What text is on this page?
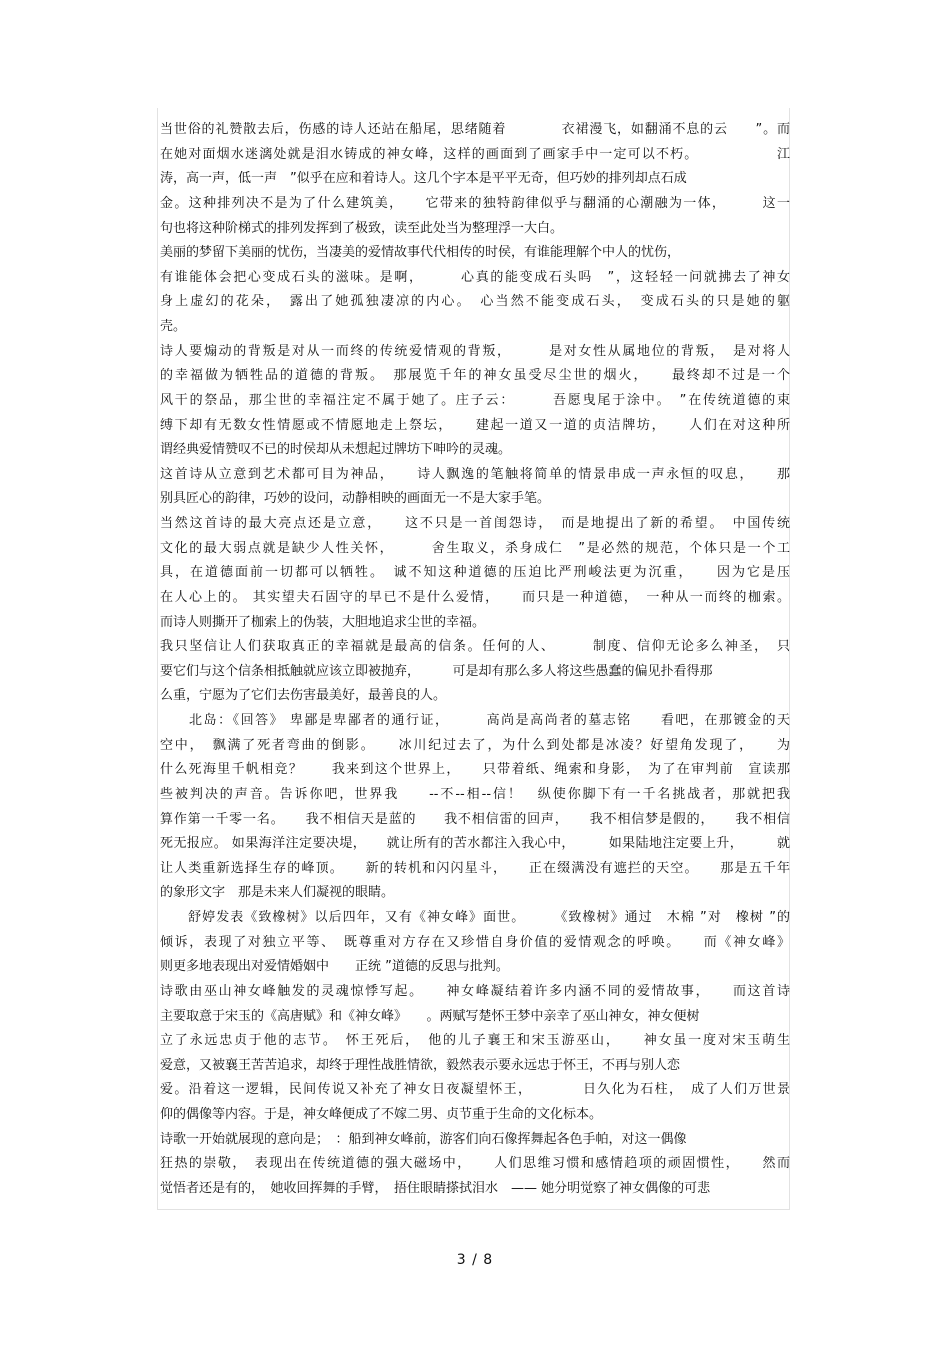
当世俗的礼赞散去后，伤感的诗人还站在船尾，思绪随着　　　　衣裙漫飞，如翻涌不息的云　　”。而
在她对面烟水迷漓处就是泪水铸成的神女峰，这样的画面到了画家手中一定可以不朽。　　　　　　江
涛，高一声，低一声　”似乎在应和着诗人。这几个字本是平平无奇，但巧妙的排列却点石成
金。这种排列决不是为了什么建筑美，　　它带来的独特韵律似乎与翻涌的心潮融为一体，　　　这一
句也将这种阶梯式的排列发挥到了极致，读至此处当为整理浮一大白。
美丽的梦留下美丽的忧伤，当凄美的爱情故事代代相传的时侯，有谁能理解个中人的忧伤，
有谁能体会把心变成石头的滋味。是啊，　　　心真的能变成石头吗　”，这轻轻一问就拂去了神女
身上虚幻的花朵，　露出了她孤独凄凉的内心。　心当然不能变成石头，　变成石头的只是她的躯
壳。
诗人要煽动的背叛是对从一而终的传统爱情观的背叛，　　　是对女性从属地位的背叛，　是对将人
的幸福做为牺牲品的道德的背叛。　那展览千年的神女虽受尽尘世的烟火，　　最终却不过是一个
风干的祭品，那尘世的幸福注定不属于她了。庄子云：　　　吾愿曳尾于涂中。　”在传统道德的束
缚下却有无数女性情愿或不情愿地走上祭坛，　　建起一道又一道的贞洁牌坊，　　人们在对这种所
谓经典爱情赞叹不已的时侯却从未想起过牌坊下呻吟的灵魂。
这首诗从立意到艺术都可目为神品，　　诗人飘逸的笔触将简单的情景串成一声永恒的叹息，　　那
别具匠心的韵律，巧妙的设问，动静相映的画面无一不是大家手笔。
当然这首诗的最大亮点还是立意，　　这不只是一首闺怨诗，　而是地提出了新的希望。　中国传统
文化的最大弱点就是缺少人性关怀，　　　舍生取义，杀身成仁　”是必然的规范，个体只是一个工
具，在道德面前一切都可以牺牲。　诚不知这种道德的压迫比严刑峻法更为沉重，　　因为它是压
在人心上的。 其实望夫石固守的早已不是什么爱情，　　而只是一种道德，　一种从一而终的枷索。
而诗人则撕开了枷索上的伪装，大胆地追求尘世的幸福。
我只坚信让人们获取真正的幸福就是最高的信条。任何的人、　　　制度、信仰无论多么神圣，　只
要它们与这个信条相抵触就应该立即被抛弃，　　　可是却有那么多人将这些愚蠢的偏见扑看得那
么重，宁愿为了它们去伤害最美好，最善良的人。
　　北岛：《回答》 卑鄙是卑鄙者的通行证，　　　高尚是高尚者的墓志铭　　看吧，在那镀金的天
空中，　飘满了死者弯曲的倒影。　　冰川纪过去了，为什么到处都是冰凌？好望角发现了，　　为
什么死海里千帆相竞？　　我来到这个世界上，　　只带着纸、绳索和身影，　为了在审判前　宣读那
些被判决的声音。告诉你吧，世界我　　--不--相--信！　纵使你脚下有一千名挑战者，那就把我
算作第一千零一名。　　我不相信天是蓝的　　我不相信雷的回声，　　我不相信梦是假的，　　我不相信
死无报应。 如果海洋注定要决堤，　　就让所有的苦水都注入我心中，　　　如果陆地注定要上升，　　　就
让人类重新选择生存的峰顶。　　新的转机和闪闪星斗，　　正在缀满没有遮拦的天空。　　那是五千年
的象形文字　那是未来人们凝视的眼睛。
　　舒婷发表《致橡树》以后四年，又有《神女峰》面世。　　　《致橡树》通过　木棉 ”对　橡树 ”的
倾诉，表现了对独立平等、　既尊重对方存在又珍惜自身价值的爱情观念的呼唤。　　而《神女峰》
则更多地表现出对爱情婚姻中　　正统 ”道德的反思与批判。
诗歌由巫山神女峰触发的灵魂惊悸写起。　　神女峰凝结着许多内涵不同的爱情故事，　　而这首诗
主要取意于宋玉的《高唐赋》和《神女峰》　　。两赋写楚怀王梦中亲幸了巫山神女，神女便树
立了永远忠贞于他的志节。　怀王死后，　他的儿子襄王和宋玉游巫山，　　神女虽一度对宋玉萌生
爱意，又被襄王苦苦追求，却终于理性战胜情欲，毅然表示要永远忠于怀王，不再与别人恋
爱。沿着这一逻辑，民间传说又补充了神女日夜凝望怀王，　　　　日久化为石柱，　成了人们万世景
仰的偶像等内容。于是，神女峰便成了不嫁二男、贞节重于生命的文化标本。
诗歌一开始就展现的意向是；　：船到神女峰前，游客们向石像挥舞起各色手帕，对这一偶像
狂热的崇敬，　表现出在传统道德的强大磁场中，　　人们思维习惯和感情趋项的顽固惯性，　　然而
觉悟者还是有的，　她收回挥舞的手臂，　捂住眼睛搽拭泪水　—— 她分明觉察了神女偶像的可悲
3 / 8
